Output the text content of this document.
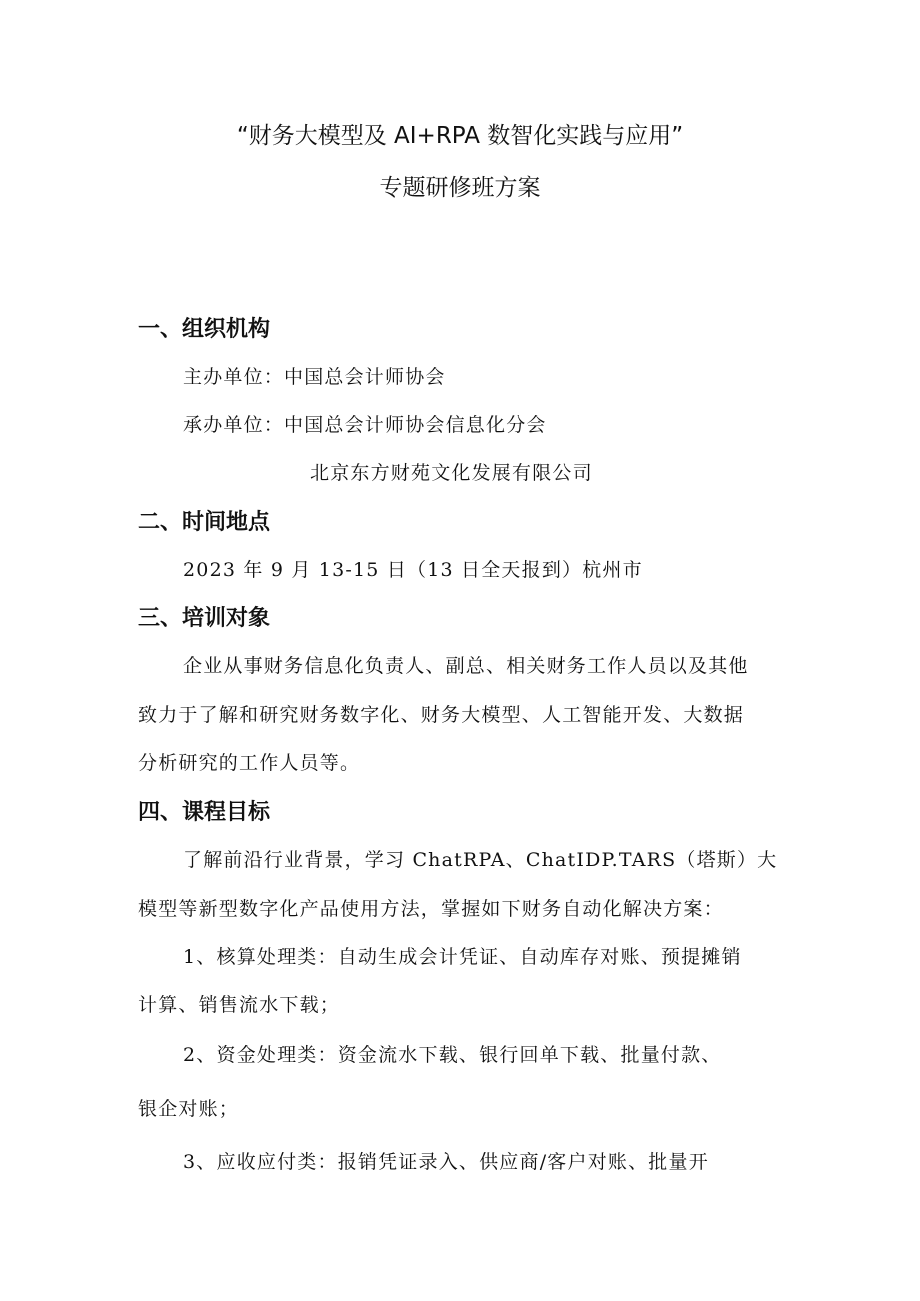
“财务大模型及 AI+RPA 数智化实践与应用”
专题研修班方案
一、组织机构
主办单位：中国总会计师协会
承办单位：中国总会计师协会信息化分会
北京东方财苑文化发展有限公司
二、时间地点
2023 年 9 月 13-15 日（13 日全天报到）杭州市
三、培训对象
企业从事财务信息化负责人、副总、相关财务工作人员以及其他
致力于了解和研究财务数字化、财务大模型、人工智能开发、大数据
分析研究的工作人员等。
四、课程目标
了解前沿行业背景，学习 ChatRPA、ChatIDP.TARS（塔斯）大
模型等新型数字化产品使用方法，掌握如下财务自动化解决方案：
1、核算处理类：自动生成会计凭证、自动库存对账、预提摊销
计算、销售流水下载；
2、资金处理类：资金流水下载、银行回单下载、批量付款、
银企对账；
3、应收应付类：报销凭证录入、供应商/客户对账、批量开
